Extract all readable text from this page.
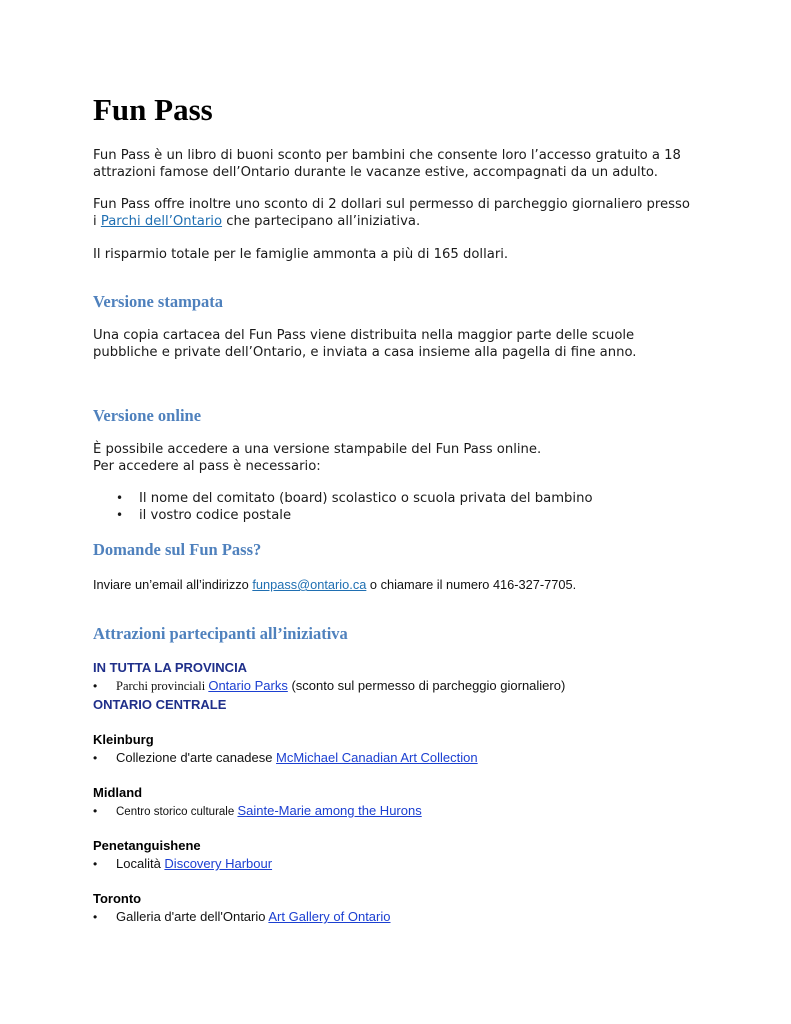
Fun Pass

Fun Pass è un libro di buoni sconto per bambini che consente loro l’accesso gratuito a 18 attrazioni famose dell’Ontario durante le vacanze estive, accompagnati da un adulto.

Fun Pass offre inoltre uno sconto di 2 dollari sul permesso di parcheggio giornaliero presso i Parchi dell’Ontario che partecipano all’iniziativa.

Il risparmio totale per le famiglie ammonta a più di 165 dollari.

Versione stampata

Una copia cartacea del Fun Pass viene distribuita nella maggior parte delle scuole pubbliche e private dell’Ontario, e inviata a casa insieme alla pagella di fine anno.

Versione online

È possibile accedere a una versione stampabile del Fun Pass online.

Per accedere al pass è necessario:

• Il nome del comitato (board) scolastico o scuola privata del bambino
• il vostro codice postale
Domande sul Fun Pass?
Inviare un’email all’indirizzo funpass@ontario.ca o chiamare il numero 416-327-7705.
Attrazioni partecipanti all’iniziativa
IN TUTTA LA PROVINCIA
• Parchi provinciali Ontario Parks (sconto sul permesso di parcheggio giornaliero)
ONTARIO CENTRALE
Kleinburg
• Collezione d'arte canadese McMichael Canadian Art Collection
Midland
• Centro storico culturale Sainte-Marie among the Hurons
Penetanguishene
• Località Discovery Harbour
Toronto
• Galleria d'arte dell'Ontario Art Gallery of Ontario
